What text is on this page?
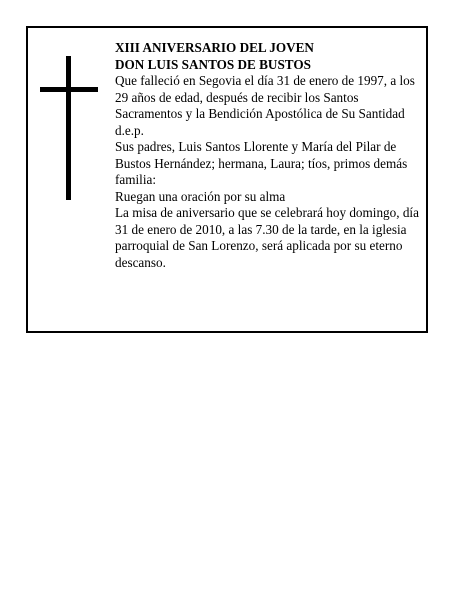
XIII ANIVERSARIO DEL JOVEN

DON LUIS SANTOS DE BUSTOS

Que falleció en Segovia el día 31 de enero de 1997, a los 29 años de edad, después de recibir los Santos Sacramentos y la Bendición Apostólica de Su Santidad d.e.p.

Sus padres, Luis Santos Llorente y María del Pilar de Bustos Hernández; hermana, Laura; tíos, primos demás familia:

Ruegan una oración por su alma

La misa de aniversario que se celebrará hoy domingo, día 31 de enero de 2010, a las 7.30 de la tarde, en la iglesia parroquial de San Lorenzo, será aplicada por su eterno descanso.
